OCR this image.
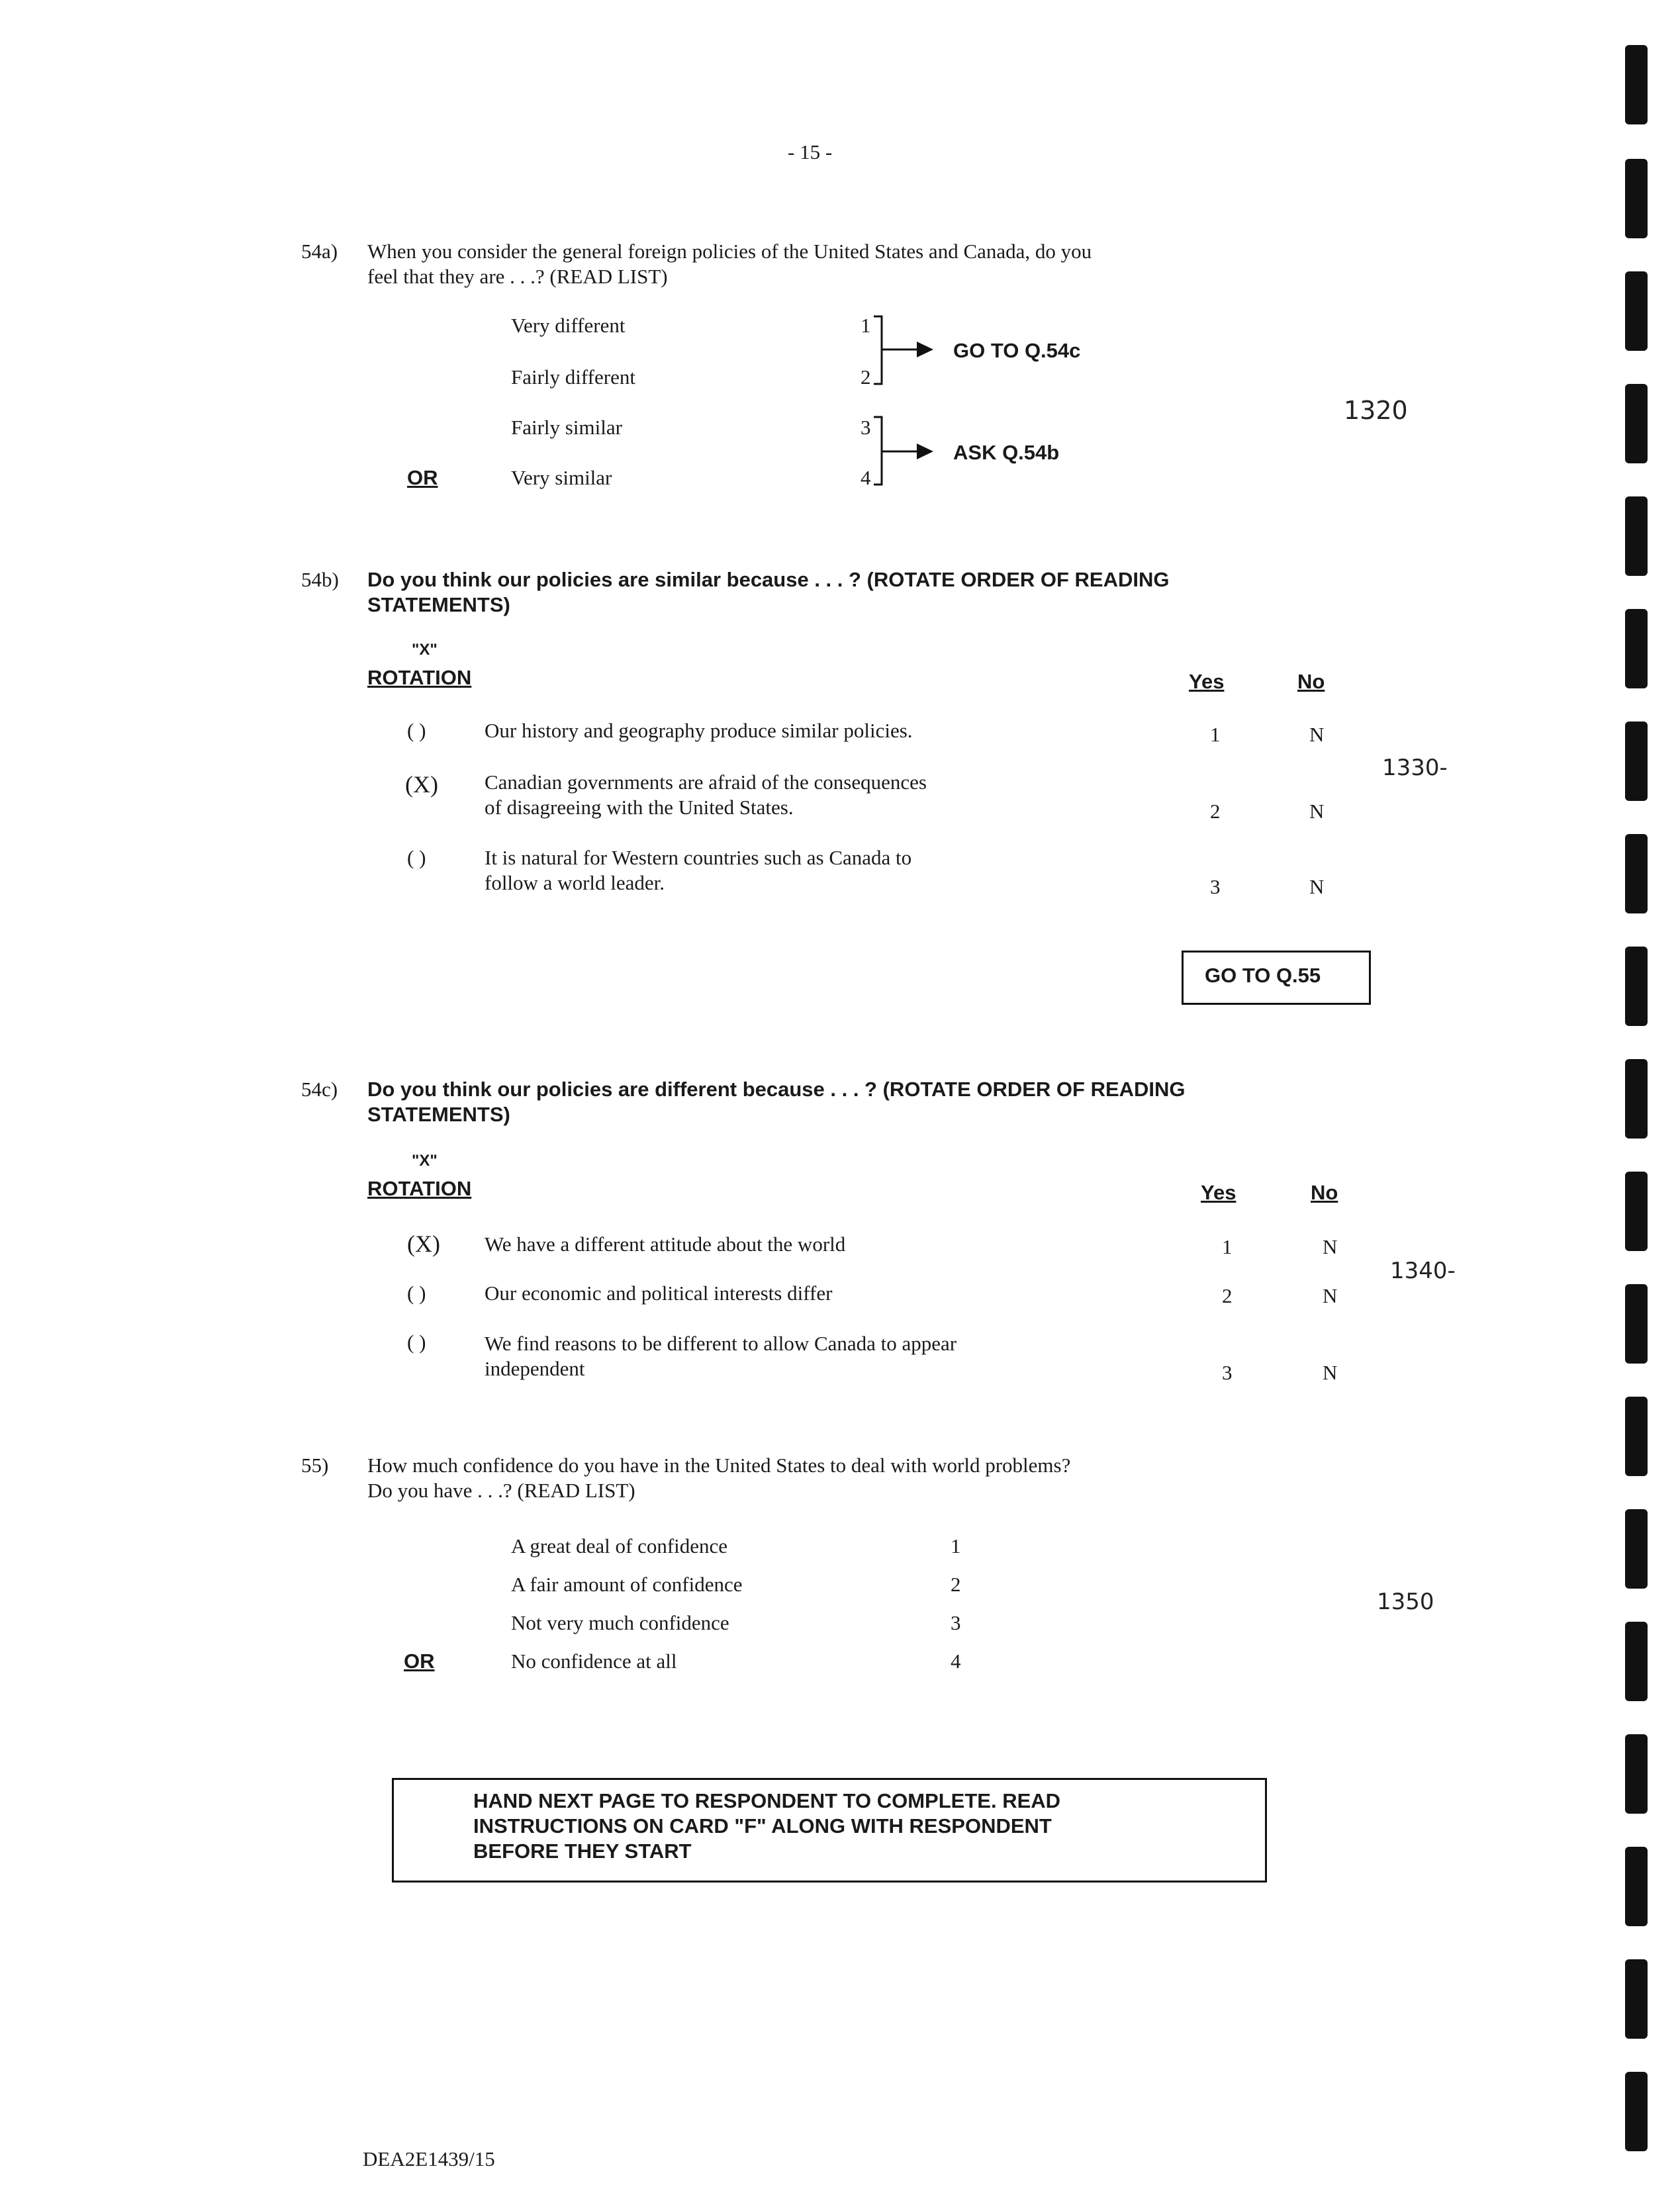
- 15 -
54a) When you consider the general foreign policies of the United States and Canada, do you
feel that they are . . .? (READ LIST)
Very different	1
Fairly different	2
Fairly similar	3
OR	Very similar	4
GO TO Q.54c
ASK Q.54b
1320
54b) Do you think our policies are similar because . . . ? (ROTATE ORDER OF READING
STATEMENTS)
"X"
ROTATION	Yes	No
( )	Our history and geography produce similar policies.	1	N
(X) Canadian governments are afraid of the consequences
of disagreeing with the United States.	2	N
( )	It is natural for Western countries such as Canada to
follow a world leader.	3	N
1330-
GO TO Q.55
54c) Do you think our policies are different because . . . ? (ROTATE ORDER OF READING
STATEMENTS)
"X"
ROTATION	Yes	No
(X) We have a different attitude about the world	1	N
( )	Our economic and political interests differ	2	N
( )	We find reasons to be different to allow Canada to appear
independent	3	N
1340-
55) How much confidence do you have in the United States to deal with world problems?
Do you have . . .? (READ LIST)
A great deal of confidence	1
A fair amount of confidence	2
Not very much confidence	3
OR	No confidence at all	4
1350
HAND NEXT PAGE TO RESPONDENT TO COMPLETE. READ
INSTRUCTIONS ON CARD "F" ALONG WITH RESPONDENT
BEFORE THEY START
DEA2E1439/15
